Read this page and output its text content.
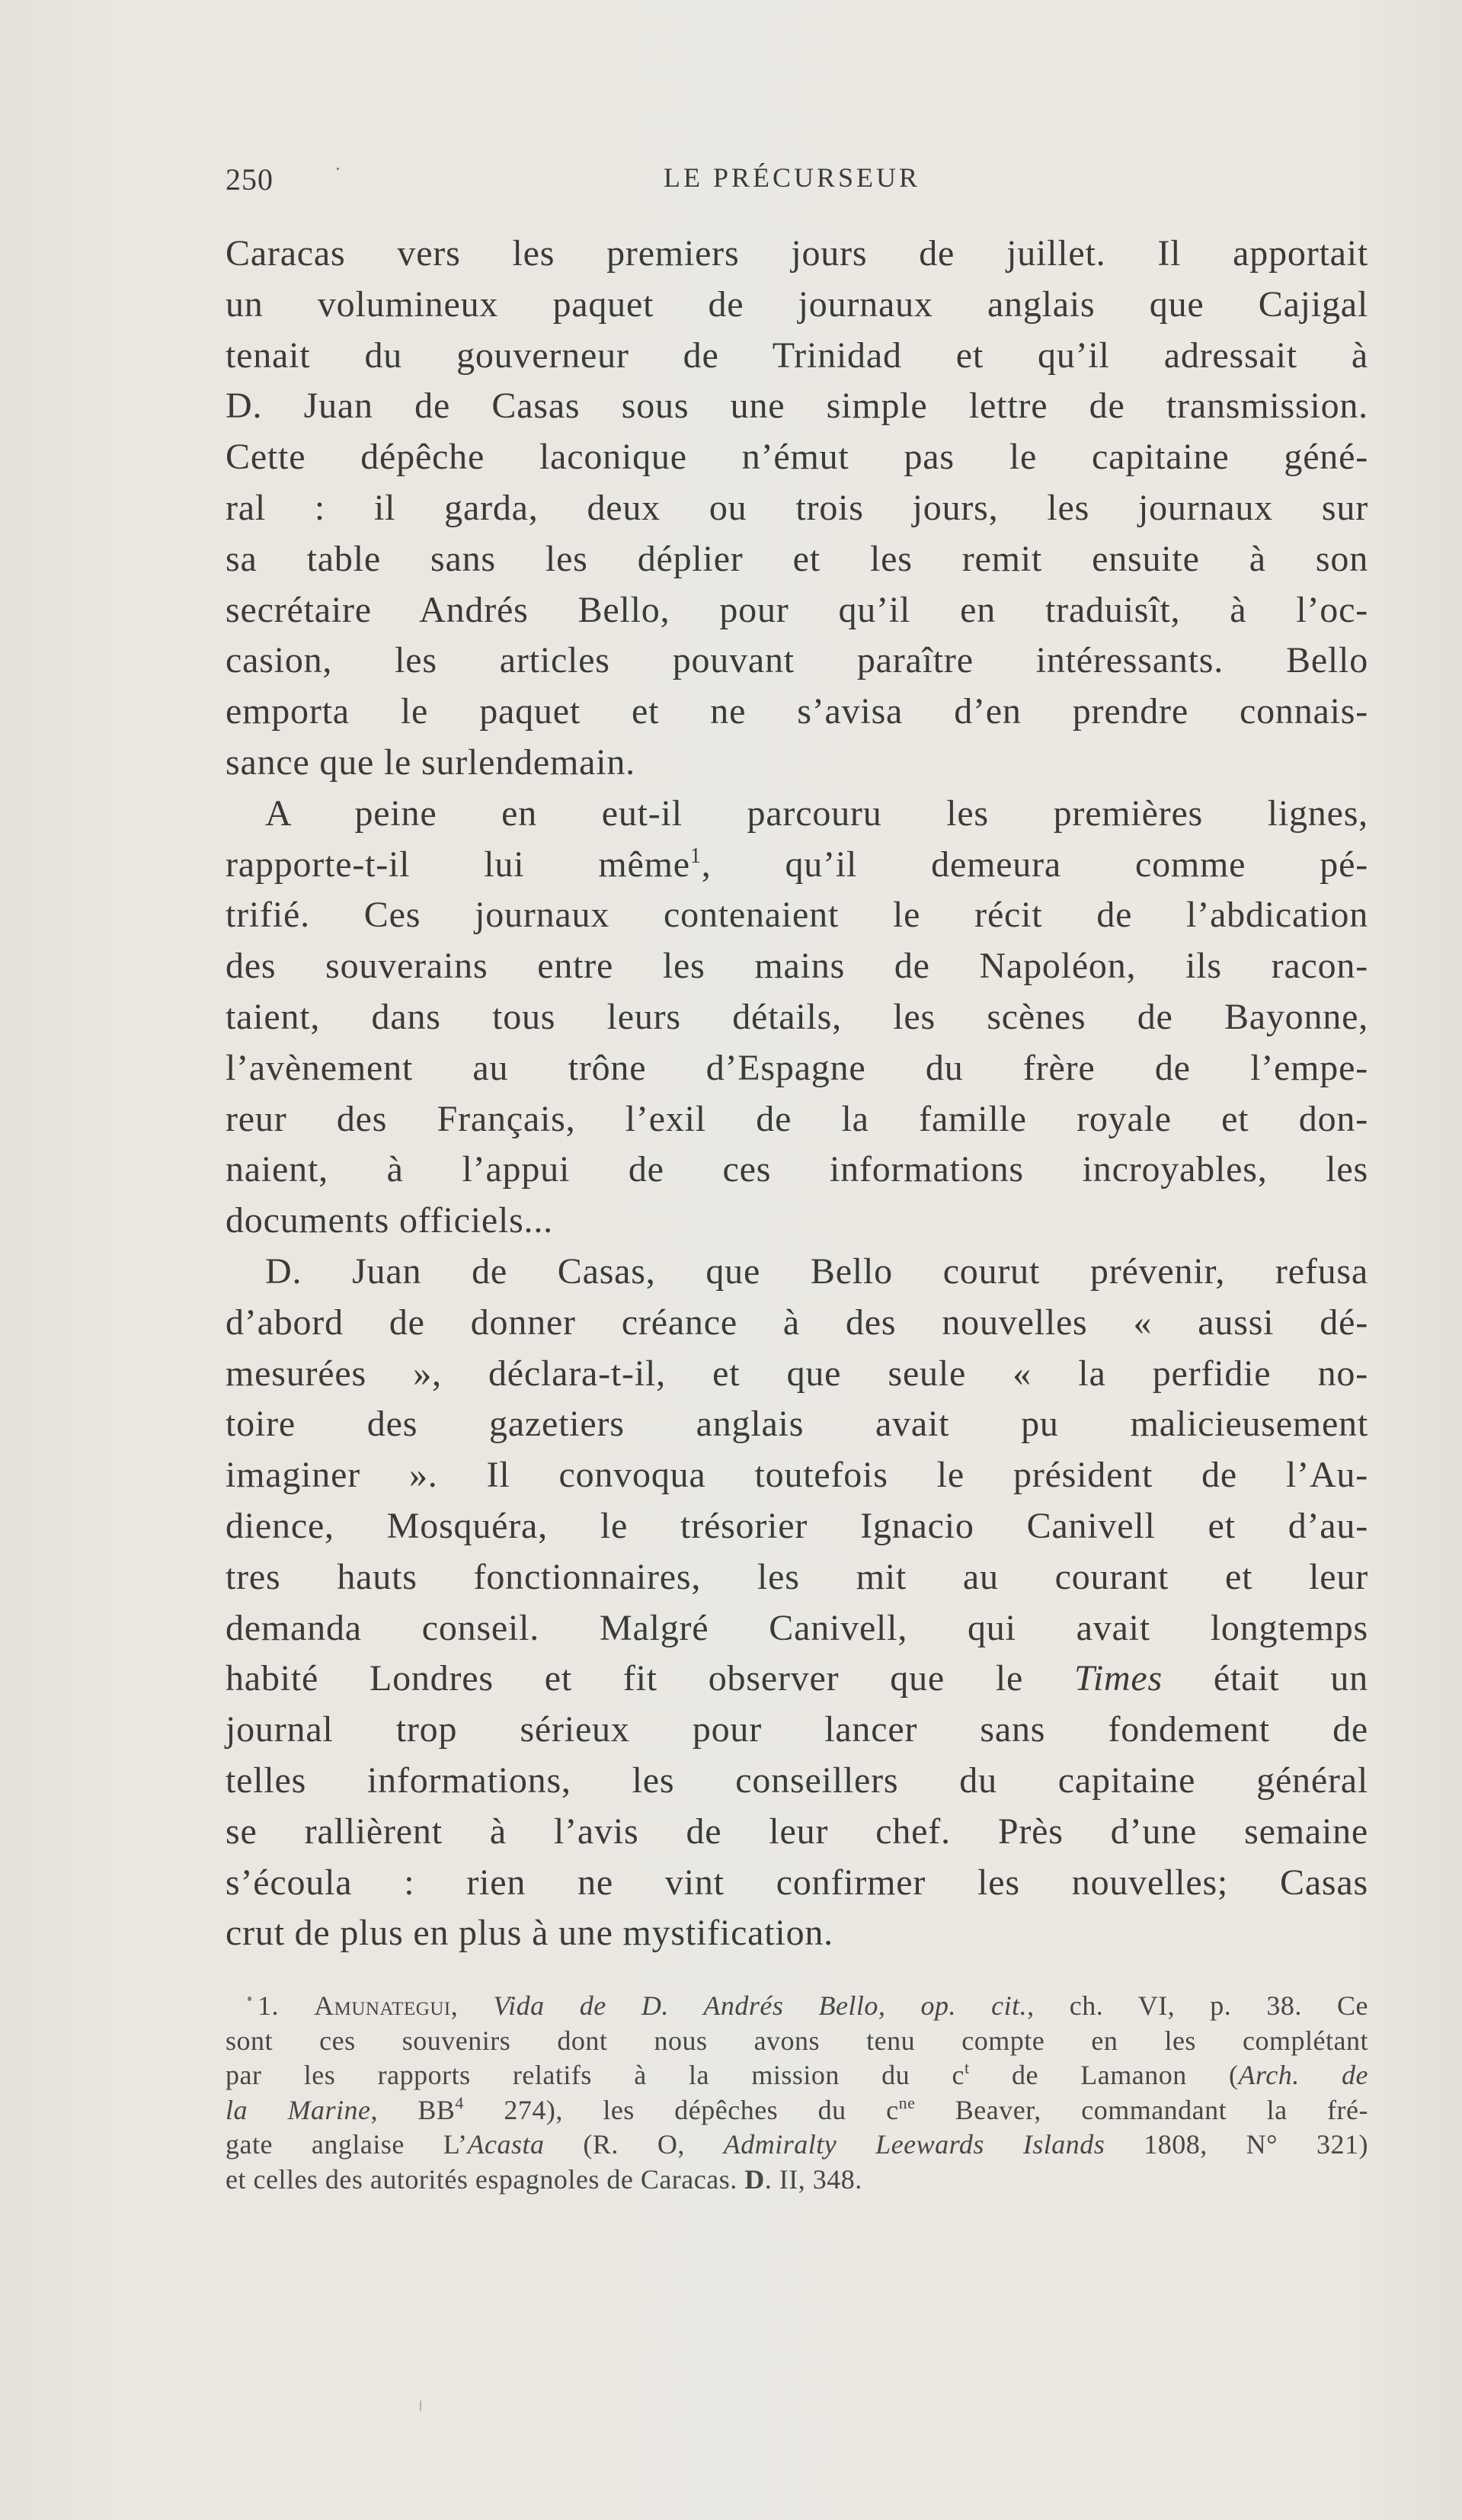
250	LE PRÉCURSEUR
Caracas vers les premiers jours de juillet. Il apportait
un volumineux paquet de journaux anglais que Cajigal
tenait du gouverneur de Trinidad et qu’il adressait à
D. Juan de Casas sous une simple lettre de transmission.
Cette dépêche laconique n’émut pas le capitaine géné-
ral : il garda, deux ou trois jours, les journaux sur
sa table sans les déplier et les remit ensuite à son
secrétaire Andrés Bello, pour qu’il en traduisît, à l’oc-
casion, les articles pouvant paraître intéressants. Bello
emporta le paquet et ne s’avisa d’en prendre connais-
sance que le surlendemain.
A peine en eut-il parcouru les premières lignes,
rapporte-t-il lui même$^1$, qu’il demeura comme pé-
trifié. Ces journaux contenaient le récit de l’abdication
des souverains entre les mains de Napoléon, ils racon-
taient, dans tous leurs détails, les scènes de Bayonne,
l’avènement au trône d’Espagne du frère de l’empe-
reur des Français, l’exil de la famille royale et don-
naient, à l’appui de ces informations incroyables, les
documents officiels...
D. Juan de Casas, que Bello courut prévenir, refusa
d’abord de donner créance à des nouvelles « aussi dé-
mesurées », déclara-t-il, et que seule « la perfidie no-
toire des gazetiers anglais avait pu malicieusement
imaginer ». Il convoqua toutefois le président de l’Au-
dience, Mosquéra, le trésorier Ignacio Canivell et d’au-
tres hauts fonctionnaires, les mit au courant et leur
demanda conseil. Malgré Canivell, qui avait longtemps
habité Londres et fit observer que le Times était un
journal trop sérieux pour lancer sans fondement de
telles informations, les conseillers du capitaine général
se rallièrent à l’avis de leur chef. Près d’une semaine
s’écoula : rien ne vint confirmer les nouvelles; Casas
crut de plus en plus à une mystification.
1. Amunategui, Vida de D. Andrés Bello, op. cit., ch. VI, p. 38. Ce
sont ces souvenirs dont nous avons tenu compte en les complétant
par les rapports relatifs à la mission du $c^t$ de Lamanon (Arch. de
la Marine, $BB^4$ 274), les dépêches du $c^{ne}$ Beaver, commandant la fré-
gate anglaise L’Acasta (R. O, Admiralty Leewards Islands 1808, N° 321)
et celles des autorités espagnoles de Caracas. D. II, 348.
